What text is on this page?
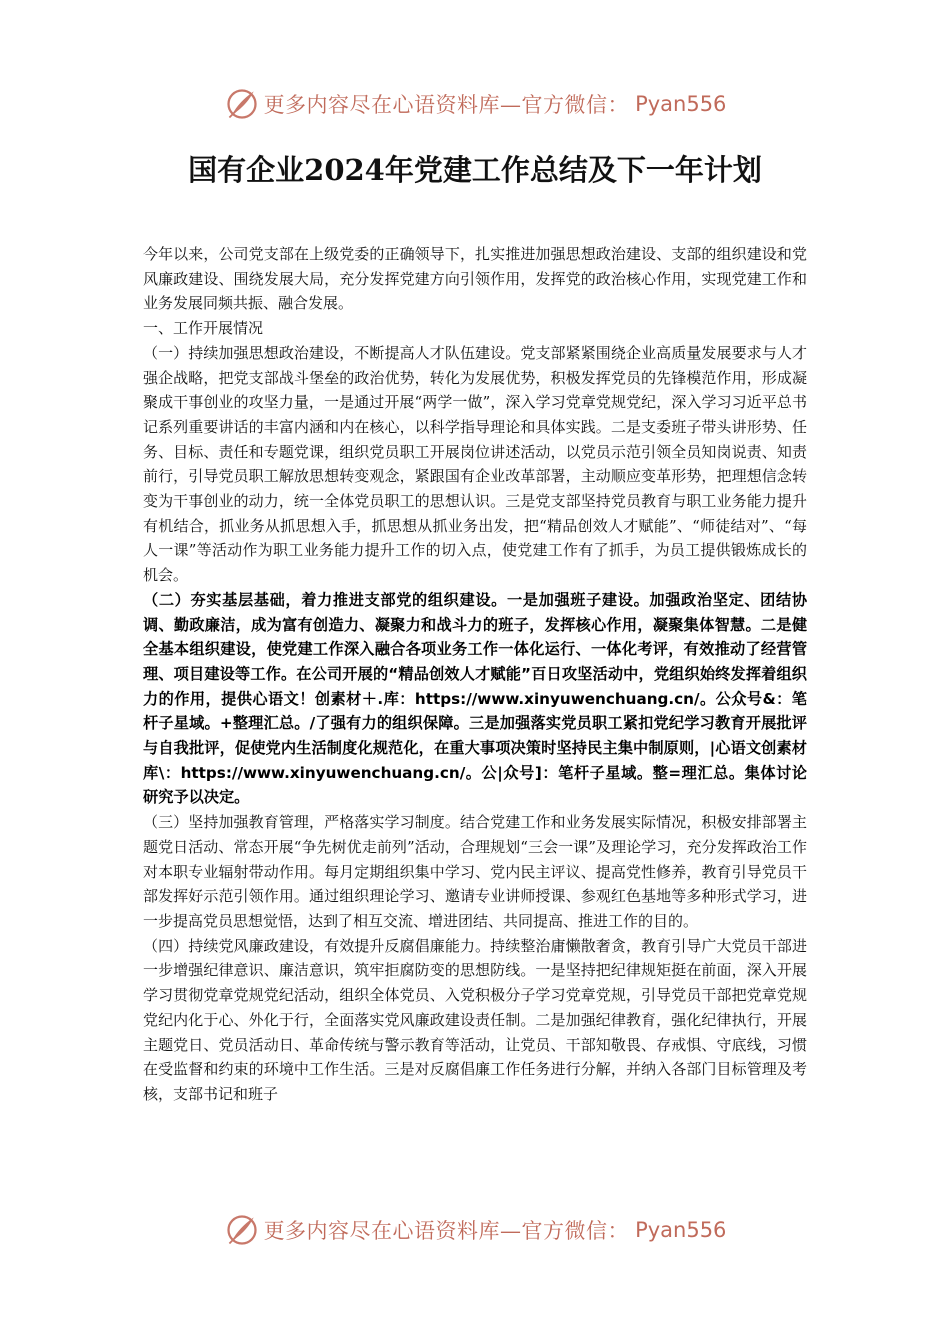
更多内容尽在心语资料库—官方微信： Pyan556
国有企业2024年党建工作总结及下一年计划

今年以来，公司党支部在上级党委的正确领导下，扎实推进加强思想政治建设、支部的组织建设和党风廉政建设、围绕发展大局，充分发挥党建方向引领作用，发挥党的政治核心作用，实现党建工作和业务发展同频共振、融合发展。

一、工作开展情况

（一）持续加强思想政治建设，不断提高人才队伍建设。党支部紧紧围绕企业高质量发展要求与人才强企战略，把党支部战斗堡垒的政治优势，转化为发展优势，积极发挥党员的先锋模范作用，形成凝聚成干事创业的攻坚力量，一是通过开展“两学一做”，深入学习党章党规党纪，深入学习习近平总书记系列重要讲话的丰富内涵和内在核心，以科学指导理论和具体实践。二是支委班子带头讲形势、任务、目标、责任和专题党课，组织党员职工开展岗位讲述活动，以党员示范引领全员知岗说责、知责前行，引导党员职工解放思想转变观念，紧跟国有企业改革部署，主动顺应变革形势，把理想信念转变为干事创业的动力，统一全体党员职工的思想认识。三是党支部坚持党员教育与职工业务能力提升有机结合，抓业务从抓思想入手，抓思想从抓业务出发，把“精品创效人才赋能”、“师徒结对”、“每人一课”等活动作为职工业务能力提升工作的切入点，使党建工作有了抓手，为员工提供锻炼成长的机会。

（二）夯实基层基础，着力推进支部党的组织建设。一是加强班子建设。加强政治坚定、团结协调、勤政廉洁，成为富有创造力、凝聚力和战斗力的班子，发挥核心作用，凝聚集体智慧。二是健全基本组织建设，使党建工作深入融合各项业务工作一体化运行、一体化考评，有效推动了经营管理、项目建设等工作。在公司开展的“精品创效人才赋能”百日攻坚活动中，党组织始终发挥着组织力的作用，提供心语文！创素材＋.库：https://www.xinyuwenchuang.cn/。公众号&：笔杆子星域。+整理汇总。/了强有力的组织保障。三是加强落实党员职工紧扣党纪学习教育开展批评与自我批评，促使党内生活制度化规范化，在重大事项决策时坚持民主集中制原则，|心语文创素材库\：https://www.xinyuwenchuang.cn/。公|众号]：笔杆子星域。整=理汇总。集体讨论研究予以决定。

（三）坚持加强教育管理，严格落实学习制度。结合党建工作和业务发展实际情况，积极安排部署主题党日活动、常态开展“争先树优走前列”活动，合理规划“三会一课”及理论学习，充分发挥政治工作对本职专业辐射带动作用。每月定期组织集中学习、党内民主评议、提高党性修养，教育引导党员干部发挥好示范引领作用。通过组织理论学习、邀请专业讲师授课、参观红色基地等多种形式学习，进一步提高党员思想觉悟，达到了相互交流、增进团结、共同提高、推进工作的目的。

（四）持续党风廉政建设，有效提升反腐倡廉能力。持续整治庸懒散奢贪，教育引导广大党员干部进一步增强纪律意识、廉洁意识，筑牢拒腐防变的思想防线。一是坚持把纪律规矩挺在前面，深入开展学习贯彻党章党规党纪活动，组织全体党员、入党积极分子学习党章党规，引导党员干部把党章党规党纪内化于心、外化于行，全面落实党风廉政建设责任制。二是加强纪律教育，强化纪律执行，开展主题党日、党员活动日、革命传统与警示教育等活动，让党员、干部知敬畏、存戒惧、守底线，习惯在受监督和约束的环境中工作生活。三是对反腐倡廉工作任务进行分解，并纳入各部门目标管理及考核，支部书记和班子

更多内容尽在心语资料库—官方微信： Pyan556
